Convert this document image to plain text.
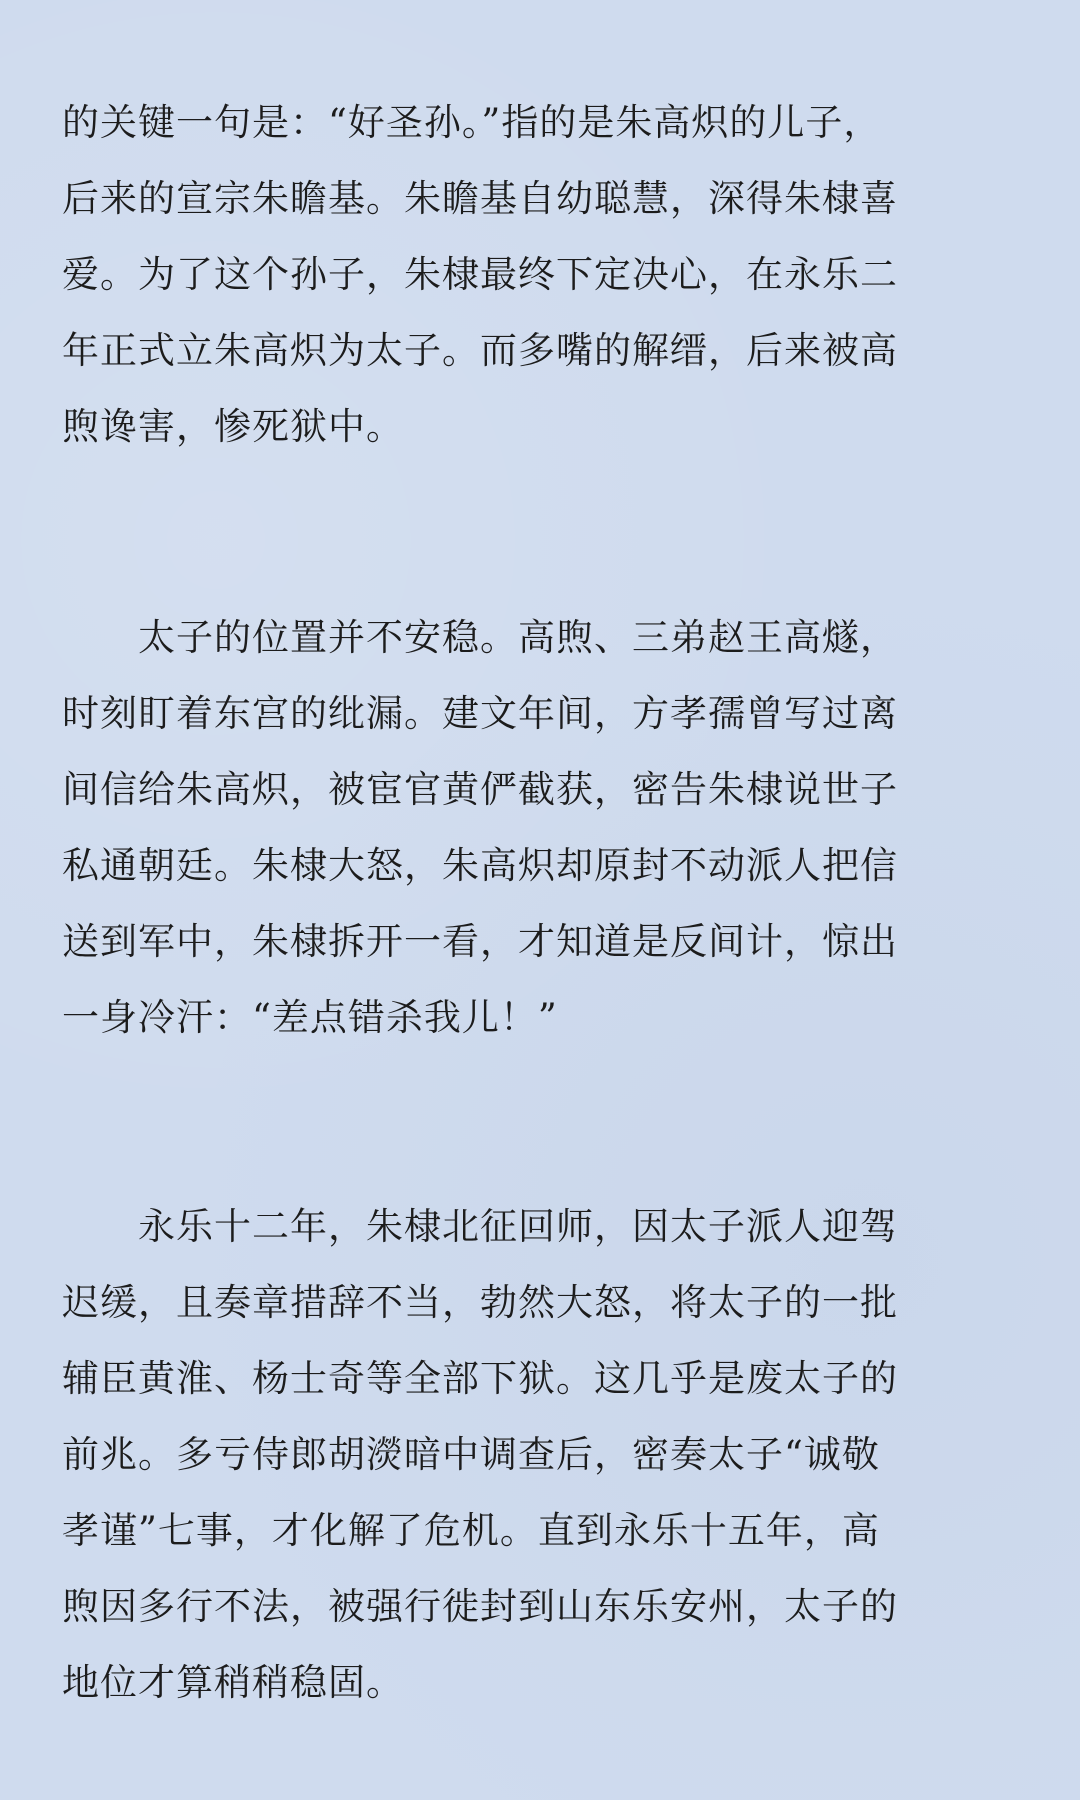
的关键一句是：“好圣孙。”指的是朱高炽的儿子，
后来的宣宗朱瞻基。朱瞻基自幼聪慧，深得朱棣喜
爱。为了这个孙子，朱棣最终下定决心，在永乐二
年正式立朱高炽为太子。而多嘴的解缙，后来被高
煦谗害，惨死狱中。
　　太子的位置并不安稳。高煦、三弟赵王高燧，
时刻盯着东宫的纰漏。建文年间，方孝孺曾写过离
间信给朱高炽，被宦官黄俨截获，密告朱棣说世子
私通朝廷。朱棣大怒，朱高炽却原封不动派人把信
送到军中，朱棣拆开一看，才知道是反间计，惊出
一身冷汗：“差点错杀我儿！”
　　永乐十二年，朱棣北征回师，因太子派人迎驾
迟缓，且奏章措辞不当，勃然大怒，将太子的一批
辅臣黄淮、杨士奇等全部下狱。这几乎是废太子的
前兆。多亏侍郎胡濙暗中调查后，密奏太子“诚敬
孝谨”七事，才化解了危机。直到永乐十五年，高
煦因多行不法，被强行徙封到山东乐安州，太子的
地位才算稍稍稳固。
